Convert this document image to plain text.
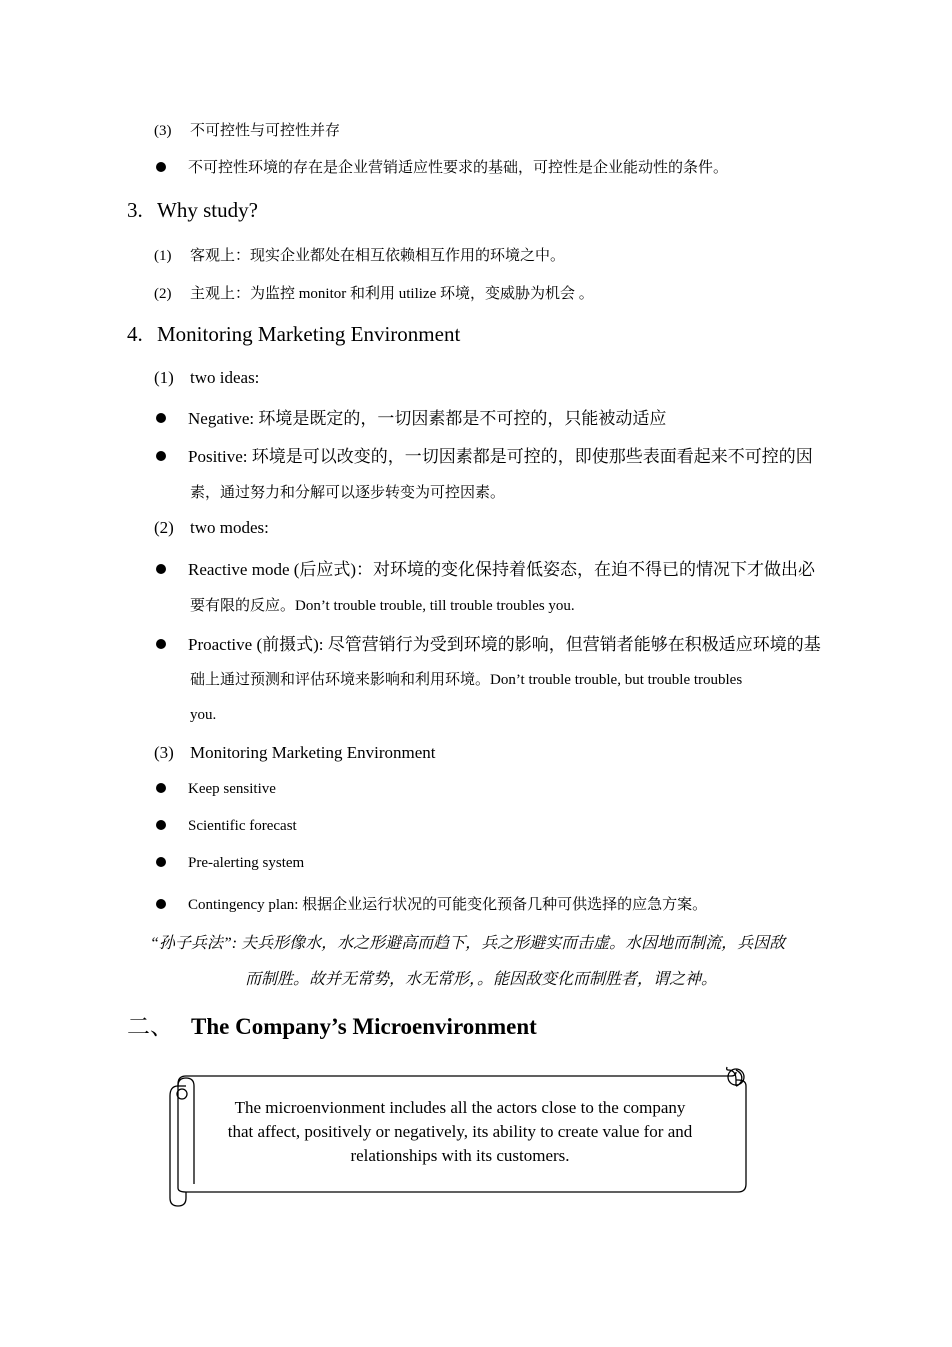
(3) 不可控性与可控性并存
不可控性环境的存在是企业营销适应性要求的基础，可控性是企业能动性的条件。
3. Why study?
(1) 客观上：现实企业都处在相互依赖相互作用的环境之中。
(2) 主观上：为监控 monitor 和利用 utilize 环境，变威胁为机会 。
4. Monitoring Marketing Environment
(1) two ideas:
Negative: 环境是既定的，一切因素都是不可控的，只能被动适应
Positive: 环境是可以改变的，一切因素都是可控的，即使那些表面看起来不可控的因
素，通过努力和分解可以逐步转变为可控因素。
(2) two modes:
Reactive mode (后应式)：对环境的变化保持着低姿态，在迫不得已的情况下才做出必
要有限的反应。Don’t trouble trouble, till trouble troubles you.
Proactive (前摄式): 尽管营销行为受到环境的影响，但营销者能够在积极适应环境的基
础上通过预测和评估环境来影响和利用环境。Don’t trouble trouble, but trouble troubles
you.
(3) Monitoring Marketing Environment
Keep sensitive
Scientific forecast
Pre-alerting system
Contingency plan: 根据企业运行状况的可能变化预备几种可供选择的应急方案。
“孙子兵法”: 夫兵形像水，水之形避高而趋下，兵之形避实而击虚。水因地而制流，兵因敌
而制胜。故并无常势，水无常形，。能因敌变化而制胜者，谓之神。
二、 The Company’s Microenvironment
The microenvionment includes all the actors close to the company
that affect, positively or negatively, its ability to create value for and
relationships with its customers.
